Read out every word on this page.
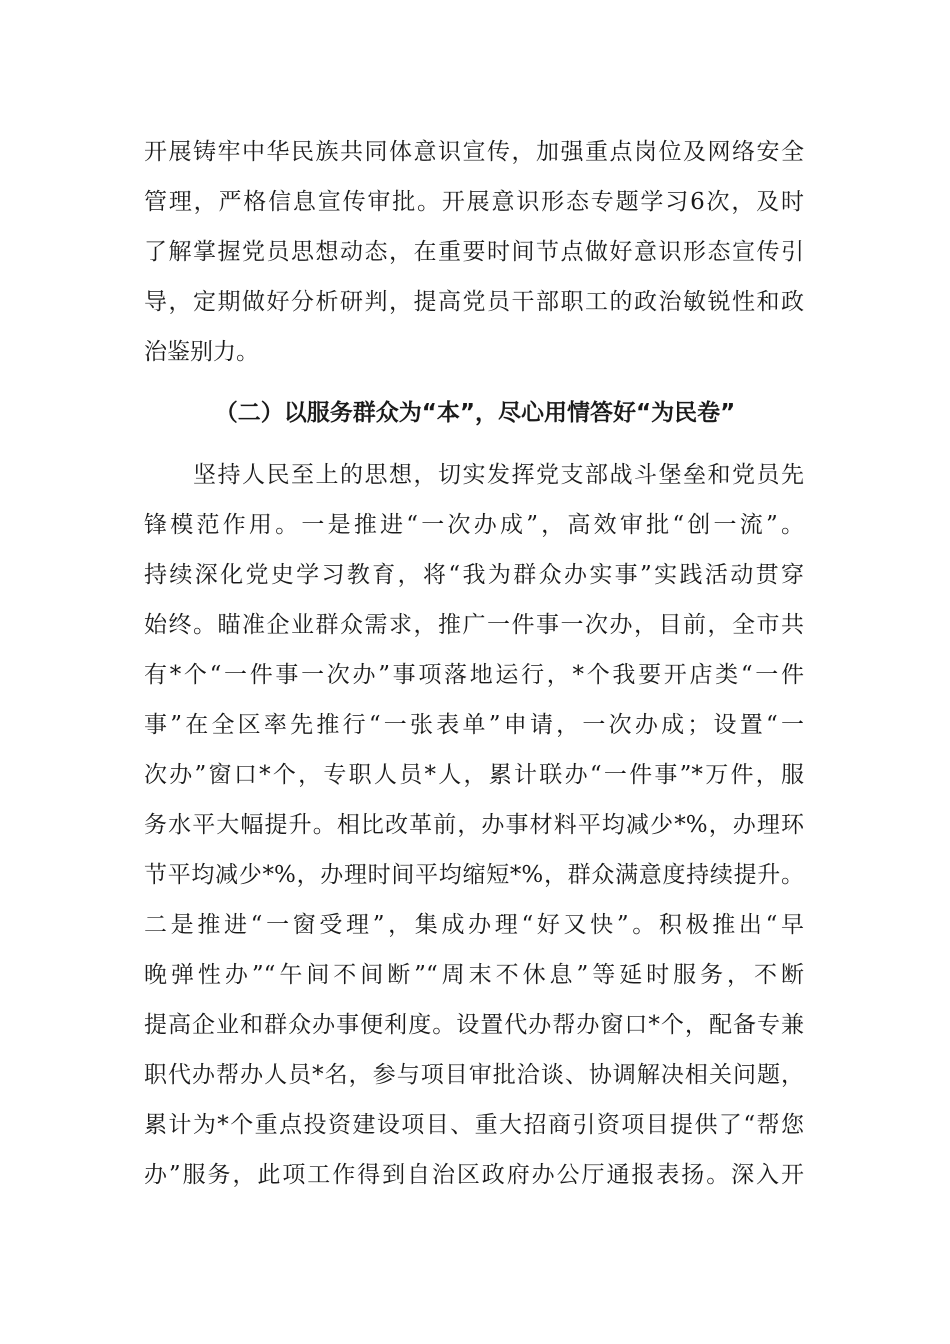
开展铸牢中华民族共同体意识宣传，加强重点岗位及网络安全
管理，严格信息宣传审批。开展意识形态专题学习6次，及时
了解掌握党员思想动态，在重要时间节点做好意识形态宣传引
导，定期做好分析研判，提高党员干部职工的政治敏锐性和政
治鉴别力。
（二）以服务群众为“本”，尽心用情答好“为民卷”
　　坚持人民至上的思想，切实发挥党支部战斗堡垒和党员先
锋模范作用。一是推进“一次办成”，高效审批“创一流”。
持续深化党史学习教育，将“我为群众办实事”实践活动贯穿
始终。瞄准企业群众需求，推广一件事一次办，目前，全市共
有*个“一件事一次办”事项落地运行，*个我要开店类“一件
事”在全区率先推行“一张表单”申请，一次办成；设置“一
次办”窗口*个，专职人员*人，累计联办“一件事”*万件，服
务水平大幅提升。相比改革前，办事材料平均减少*%，办理环
节平均减少*%，办理时间平均缩短*%，群众满意度持续提升。
二是推进“一窗受理”，集成办理“好又快”。积极推出“早
晚弹性办”“午间不间断”“周末不休息”等延时服务，不断
提高企业和群众办事便利度。设置代办帮办窗口*个，配备专兼
职代办帮办人员*名，参与项目审批洽谈、协调解决相关问题，
累计为*个重点投资建设项目、重大招商引资项目提供了“帮您
办”服务，此项工作得到自治区政府办公厅通报表扬。深入开
